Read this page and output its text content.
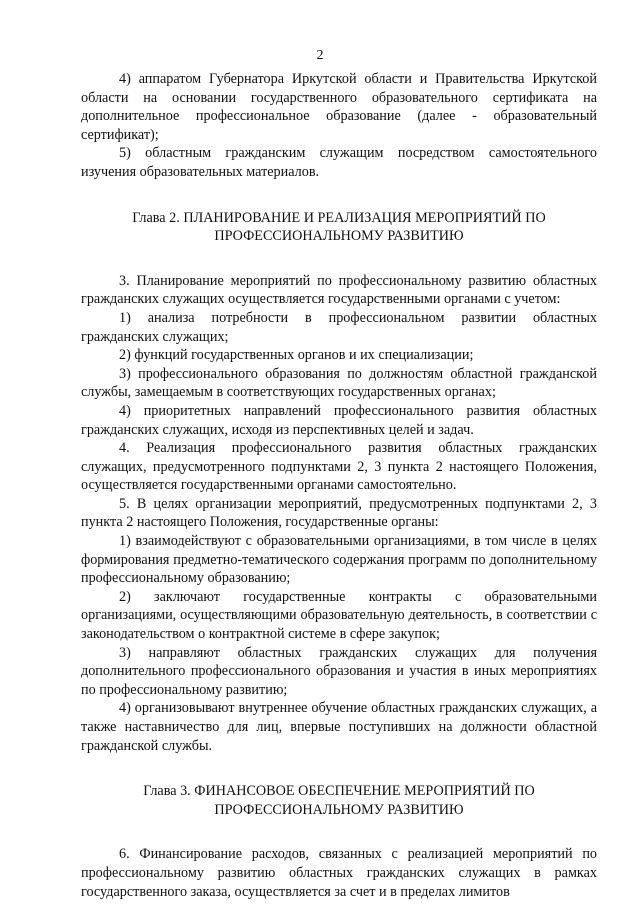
2

4) аппаратом Губернатора Иркутской области и Правительства Иркутской области на основании государственного образовательного сертификата на дополнительное профессиональное образование (далее - образовательный сертификат);

5) областным гражданским служащим посредством самостоятельного изучения образовательных материалов.

Глава 2. ПЛАНИРОВАНИЕ И РЕАЛИЗАЦИЯ МЕРОПРИЯТИЙ ПО
ПРОФЕССИОНАЛЬНОМУ РАЗВИТИЮ

3. Планирование мероприятий по профессиональному развитию областных гражданских служащих осуществляется государственными органами с учетом:

1) анализа потребности в профессиональном развитии областных гражданских служащих;

2) функций государственных органов и их специализации;

3) профессионального образования по должностям областной гражданской службы, замещаемым в соответствующих государственных органах;

4) приоритетных направлений профессионального развития областных гражданских служащих, исходя из перспективных целей и задач.

4. Реализация профессионального развития областных гражданских служащих, предусмотренного подпунктами 2, 3 пункта 2 настоящего Положения, осуществляется государственными органами самостоятельно.

5. В целях организации мероприятий, предусмотренных подпунктами 2, 3 пункта 2 настоящего Положения, государственные органы:

1) взаимодействуют с образовательными организациями, в том числе в целях формирования предметно-тематического содержания программ по дополнительному профессиональному образованию;

2) заключают государственные контракты с образовательными организациями, осуществляющими образовательную деятельность, в соответствии с законодательством о контрактной системе в сфере закупок;

3) направляют областных гражданских служащих для получения дополнительного профессионального образования и участия в иных мероприятиях по профессиональному развитию;

4) организовывают внутреннее обучение областных гражданских служащих, а также наставничество для лиц, впервые поступивших на должности областной гражданской службы.

Глава 3. ФИНАНСОВОЕ ОБЕСПЕЧЕНИЕ МЕРОПРИЯТИЙ ПО
ПРОФЕССИОНАЛЬНОМУ РАЗВИТИЮ

6. Финансирование расходов, связанных с реализацией мероприятий по профессиональному развитию областных гражданских служащих в рамках государственного заказа, осуществляется за счет и в пределах лимитов
